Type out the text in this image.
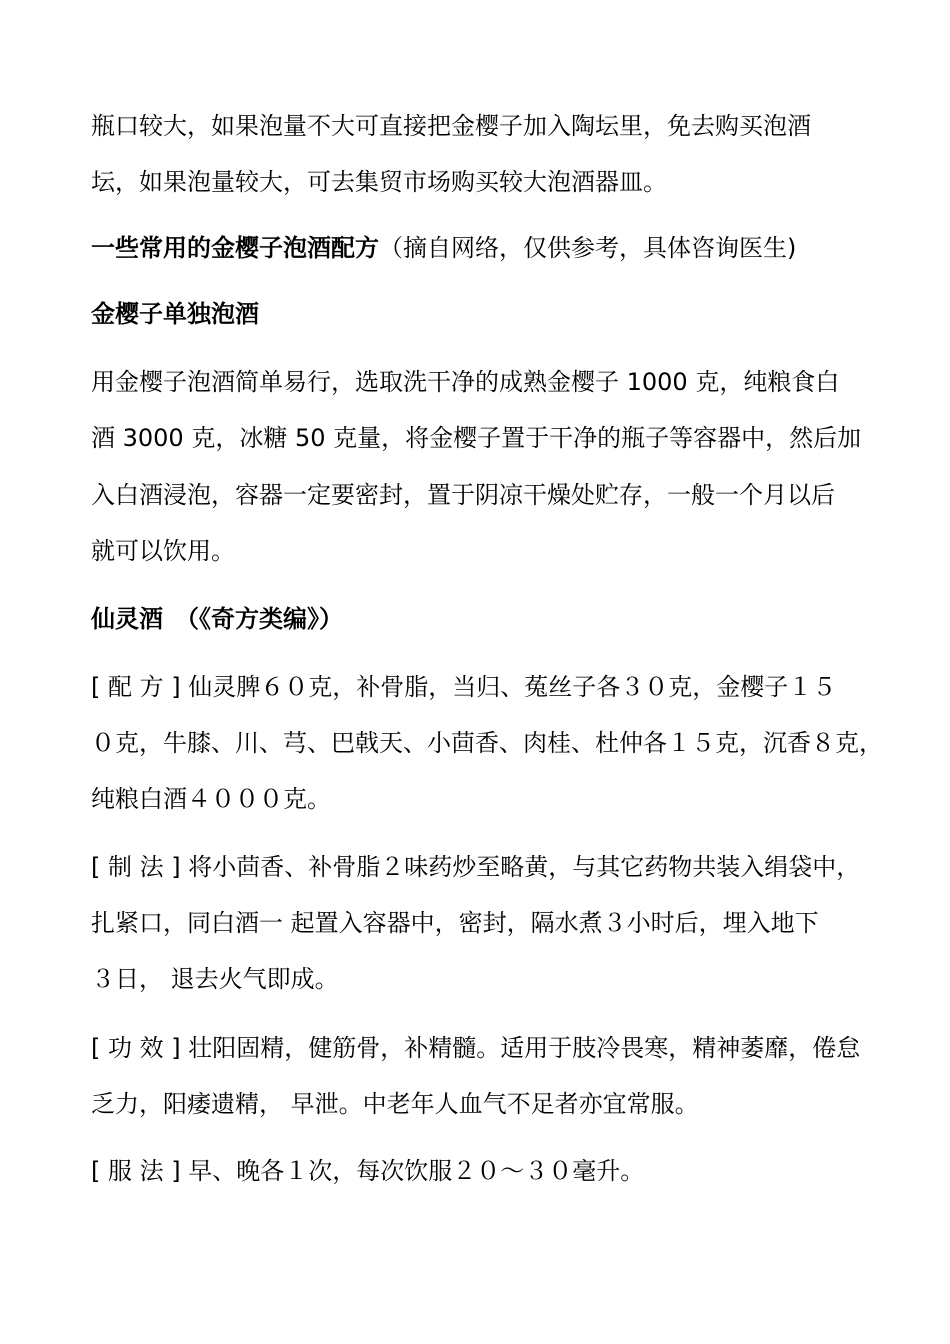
瓶口较大，如果泡量不大可直接把金樱子加入陶坛里，免去购买泡酒
坛，如果泡量较大，可去集贸市场购买较大泡酒器皿。
一些常用的金樱子泡酒配方（摘自网络，仅供参考，具体咨询医生)
金樱子单独泡酒
用金樱子泡酒简单易行，选取洗干净的成熟金樱子 1000 克，纯粮食白
酒 3000 克，冰糖 50 克量，将金樱子置于干净的瓶子等容器中，然后加
入白酒浸泡，容器一定要密封，置于阴凉干燥处贮存，一般一个月以后
就可以饮用。
仙灵酒　（《奇方类编》）
[ 配 方 ] 仙灵脾６０克，补骨脂，当归、菟丝子各３０克，金樱子１５
０克，牛膝、川、芎、巴戟天、小茴香、肉桂、杜仲各１５克，沉香８克，
纯粮白酒４０００克。
[ 制 法 ] 将小茴香、补骨脂２味药炒至略黄，与其它药物共装入绢袋中，
扎紧口，同白酒一 起置入容器中，密封，隔水煮３小时后，埋入地下
３日， 退去火气即成。
[ 功 效 ] 壮阳固精，健筋骨，补精髓。适用于肢冷畏寒，精神萎靡，倦怠
乏力，阳痿遗精， 早泄。中老年人血气不足者亦宜常服。
[ 服 法 ] 早、晚各１次，每次饮服２０～３０毫升。
